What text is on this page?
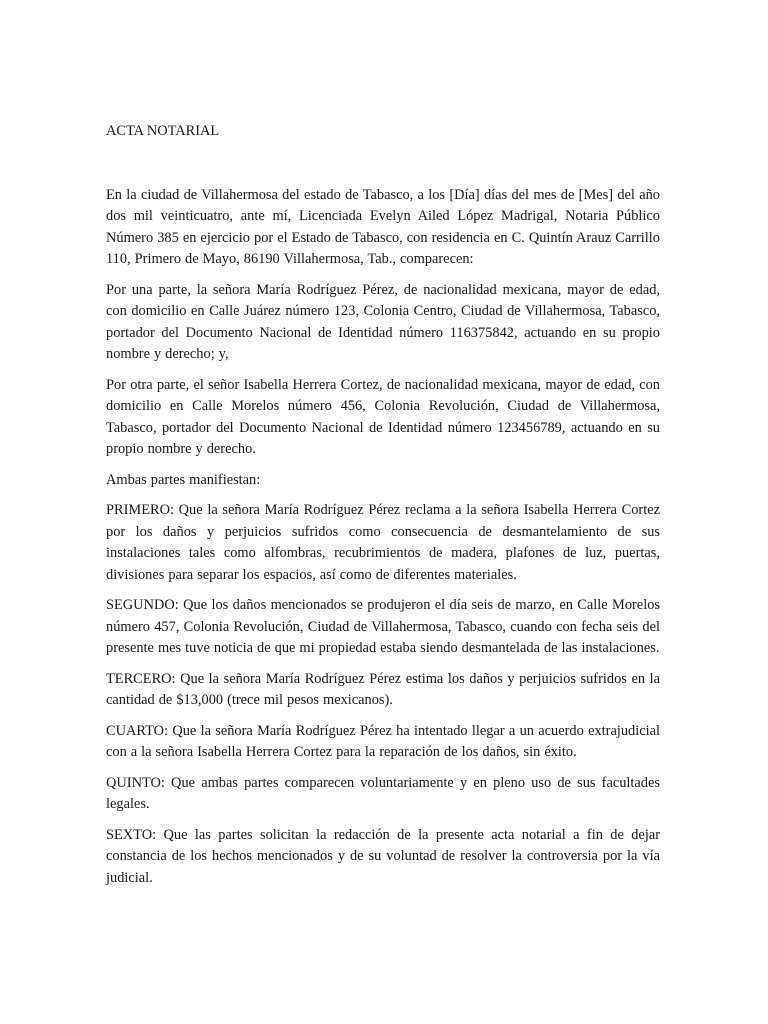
ACTA NOTARIAL

En la ciudad de Villahermosa del estado de Tabasco, a los [Día] días del mes de [Mes] del año dos mil veinticuatro, ante mí, Licenciada Evelyn Ailed López Madrigal, Notaria Público Número 385 en ejercicio por el Estado de Tabasco, con residencia en C. Quintín Arauz Carrillo 110, Primero de Mayo, 86190 Villahermosa, Tab., comparecen:

Por una parte, la señora María Rodríguez Pérez, de nacionalidad mexicana, mayor de edad, con domicilio en Calle Juárez número 123, Colonia Centro, Ciudad de Villahermosa, Tabasco, portador del Documento Nacional de Identidad número 116375842, actuando en su propio nombre y derecho; y,

Por otra parte, el señor Isabella Herrera Cortez, de nacionalidad mexicana, mayor de edad, con domicilio en Calle Morelos número 456, Colonia Revolución, Ciudad de Villahermosa, Tabasco, portador del Documento Nacional de Identidad número 123456789, actuando en su propio nombre y derecho.

Ambas partes manifiestan:

PRIMERO: Que la señora María Rodríguez Pérez reclama a la señora Isabella Herrera Cortez por los daños y perjuicios sufridos como consecuencia de desmantelamiento de sus instalaciones tales como alfombras, recubrimientos de madera, plafones de luz, puertas, divisiones para separar los espacios, así como de diferentes materiales.

SEGUNDO: Que los daños mencionados se produjeron el día seis de marzo, en Calle Morelos número 457, Colonia Revolución, Ciudad de Villahermosa, Tabasco, cuando con fecha seis del presente mes tuve noticia de que mi propiedad estaba siendo desmantelada de las instalaciones.

TERCERO: Que la señora María Rodríguez Pérez estima los daños y perjuicios sufridos en la cantidad de $13,000 (trece mil pesos mexicanos).

CUARTO: Que la señora María Rodríguez Pérez ha intentado llegar a un acuerdo extrajudicial con a la señora Isabella Herrera Cortez para la reparación de los daños, sin éxito.

QUINTO: Que ambas partes comparecen voluntariamente y en pleno uso de sus facultades legales.

SEXTO: Que las partes solicitan la redacción de la presente acta notarial a fin de dejar constancia de los hechos mencionados y de su voluntad de resolver la controversia por la vía judicial.
